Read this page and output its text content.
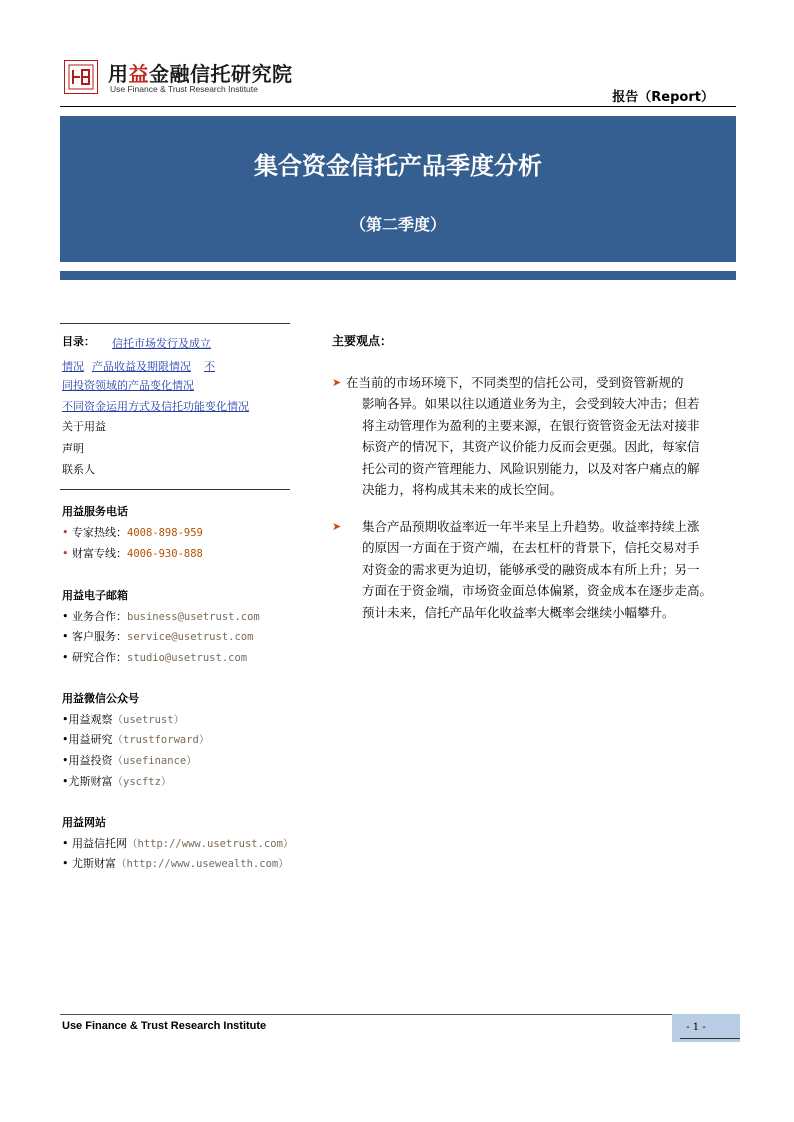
用益金融信托研究院
Use Finance & Trust Research Institute
报告（Report）
集合资金信托产品季度分析
（第二季度）
目录： 信托市场发行及成立
情况 产品收益及期限情况 不
同投资领域的产品变化情况
不同资金运用方式及信托功能变化情况
关于用益
声明
联系人
用益服务电话
• 专家热线：4008-898-959
• 财富专线：4006-930-888
用益电子邮箱
• 业务合作：business@usetrust.com
• 客户服务：service@usetrust.com
• 研究合作：studio@usetrust.com
用益微信公众号
•用益观察（usetrust）
•用益研究（trustforward）
•用益投资（usefinance）
•尤斯财富（yscftz）
用益网站
• 用益信托网（http://www.usetrust.com）
• 尤斯财富（http://www.usewealth.com）
主要观点：
➤ 在当前的市场环境下，不同类型的信托公司，受到资管新规的
影响各异。如果以往以通道业务为主，会受到较大冲击；但若
将主动管理作为盈利的主要来源，在银行资管资金无法对接非
标资产的情况下，其资产议价能力反而会更强。因此，每家信
托公司的资产管理能力、风险识别能力，以及对客户痛点的解
决能力，将构成其未来的成长空间。
➤ 集合产品预期收益率近一年半来呈上升趋势。收益率持续上涨
的原因一方面在于资产端，在去杠杆的背景下，信托交易对手
对资金的需求更为迫切，能够承受的融资成本有所上升；另一
方面在于资金端，市场资金面总体偏紧，资金成本在逐步走高。
预计未来，信托产品年化收益率大概率会继续小幅攀升。
Use Finance & Trust Research Institute	- 1 -
